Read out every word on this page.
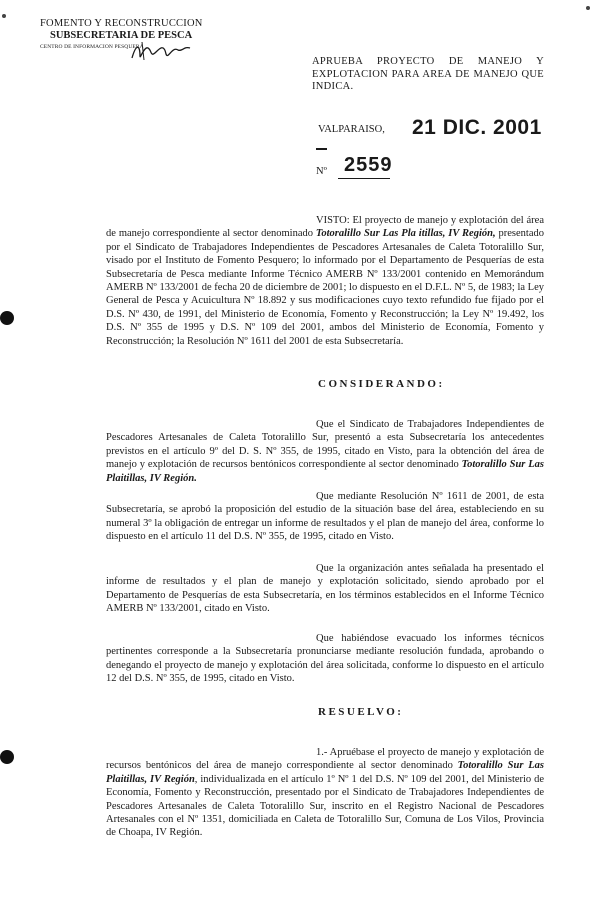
FOMENTO Y RECONSTRUCCION
SUBSECRETARIA DE PESCA
CENTRO DE INFORMACION PESQUERA
APRUEBA PROYECTO DE MANEJO Y EXPLOTACION PARA AREA DE MANEJO QUE INDICA.
VALPARAISO, 21 DIC. 2001
Nº 2559
VISTO: El proyecto de manejo y explotación del área de manejo correspondiente al sector denominado Totoralillo Sur Las Pla itillas, IV Región, presentado por el Sindicato de Trabajadores Independientes de Pescadores Artesanales de Caleta Totoralillo Sur, visado por el Instituto de Fomento Pesquero; lo informado por el Departamento de Pesquerías de esta Subsecretaría de Pesca mediante Informe Técnico AMERB Nº 133/2001 contenido en Memorándum AMERB Nº 133/2001 de fecha 20 de diciembre de 2001; lo dispuesto en el D.F.L. Nº 5, de 1983; la Ley General de Pesca y Acuicultura Nº 18.892 y sus modificaciones cuyo texto refundido fue fijado por el D.S. Nº 430, de 1991, del Ministerio de Economía, Fomento y Reconstrucción; la Ley Nº 19.492, los D.S. Nº 355 de 1995 y D.S. Nº 109 del 2001, ambos del Ministerio de Economía, Fomento y Reconstrucción; la Resolución Nº 1611 del 2001 de esta Subsecretaría.
CONSIDERANDO:
Que el Sindicato de Trabajadores Independientes de Pescadores Artesanales de Caleta Totoralillo Sur, presentó a esta Subsecretaría los antecedentes previstos en el artículo 9º del D. S. Nº 355, de 1995, citado en Visto, para la obtención del área de manejo y explotación de recursos bentónicos correspondiente al sector denominado Totoralillo Sur Las Plaitillas, IV Región.
Que mediante Resolución Nº 1611 de 2001, de esta Subsecretaría, se aprobó la proposición del estudio de la situación base del área, estableciendo en su numeral 3º la obligación de entregar un informe de resultados y el plan de manejo del área, conforme lo dispuesto en el artículo 11 del D.S. Nº 355, de 1995, citado en Visto.
Que la organización antes señalada ha presentado el informe de resultados y el plan de manejo y explotación solicitado, siendo aprobado por el Departamento de Pesquerías de esta Subsecretaría, en los términos establecidos en el Informe Técnico AMERB Nº 133/2001, citado en Visto.
Que habiéndose evacuado los informes técnicos pertinentes corresponde a la Subsecretaría pronunciarse mediante resolución fundada, aprobando o denegando el proyecto de manejo y explotación del área solicitada, conforme lo dispuesto en el artículo 12 del D.S. Nº 355, de 1995, citado en Visto.
RESUELVO:
1.- Apruébase el proyecto de manejo y explotación de recursos bentónicos del área de manejo correspondiente al sector denominado Totoralillo Sur Las Plaitillas, IV Región, individualizada en el artículo 1º Nº 1 del D.S. Nº 109 del 2001, del Ministerio de Economía, Fomento y Reconstrucción, presentado por el Sindicato de Trabajadores Independientes de Pescadores Artesanales de Caleta Totoralillo Sur, inscrito en el Registro Nacional de Pescadores Artesanales con el Nº 1351, domiciliada en Caleta de Totoralillo Sur, Comuna de Los Vilos, Provincia de Choapa, IV Región.
